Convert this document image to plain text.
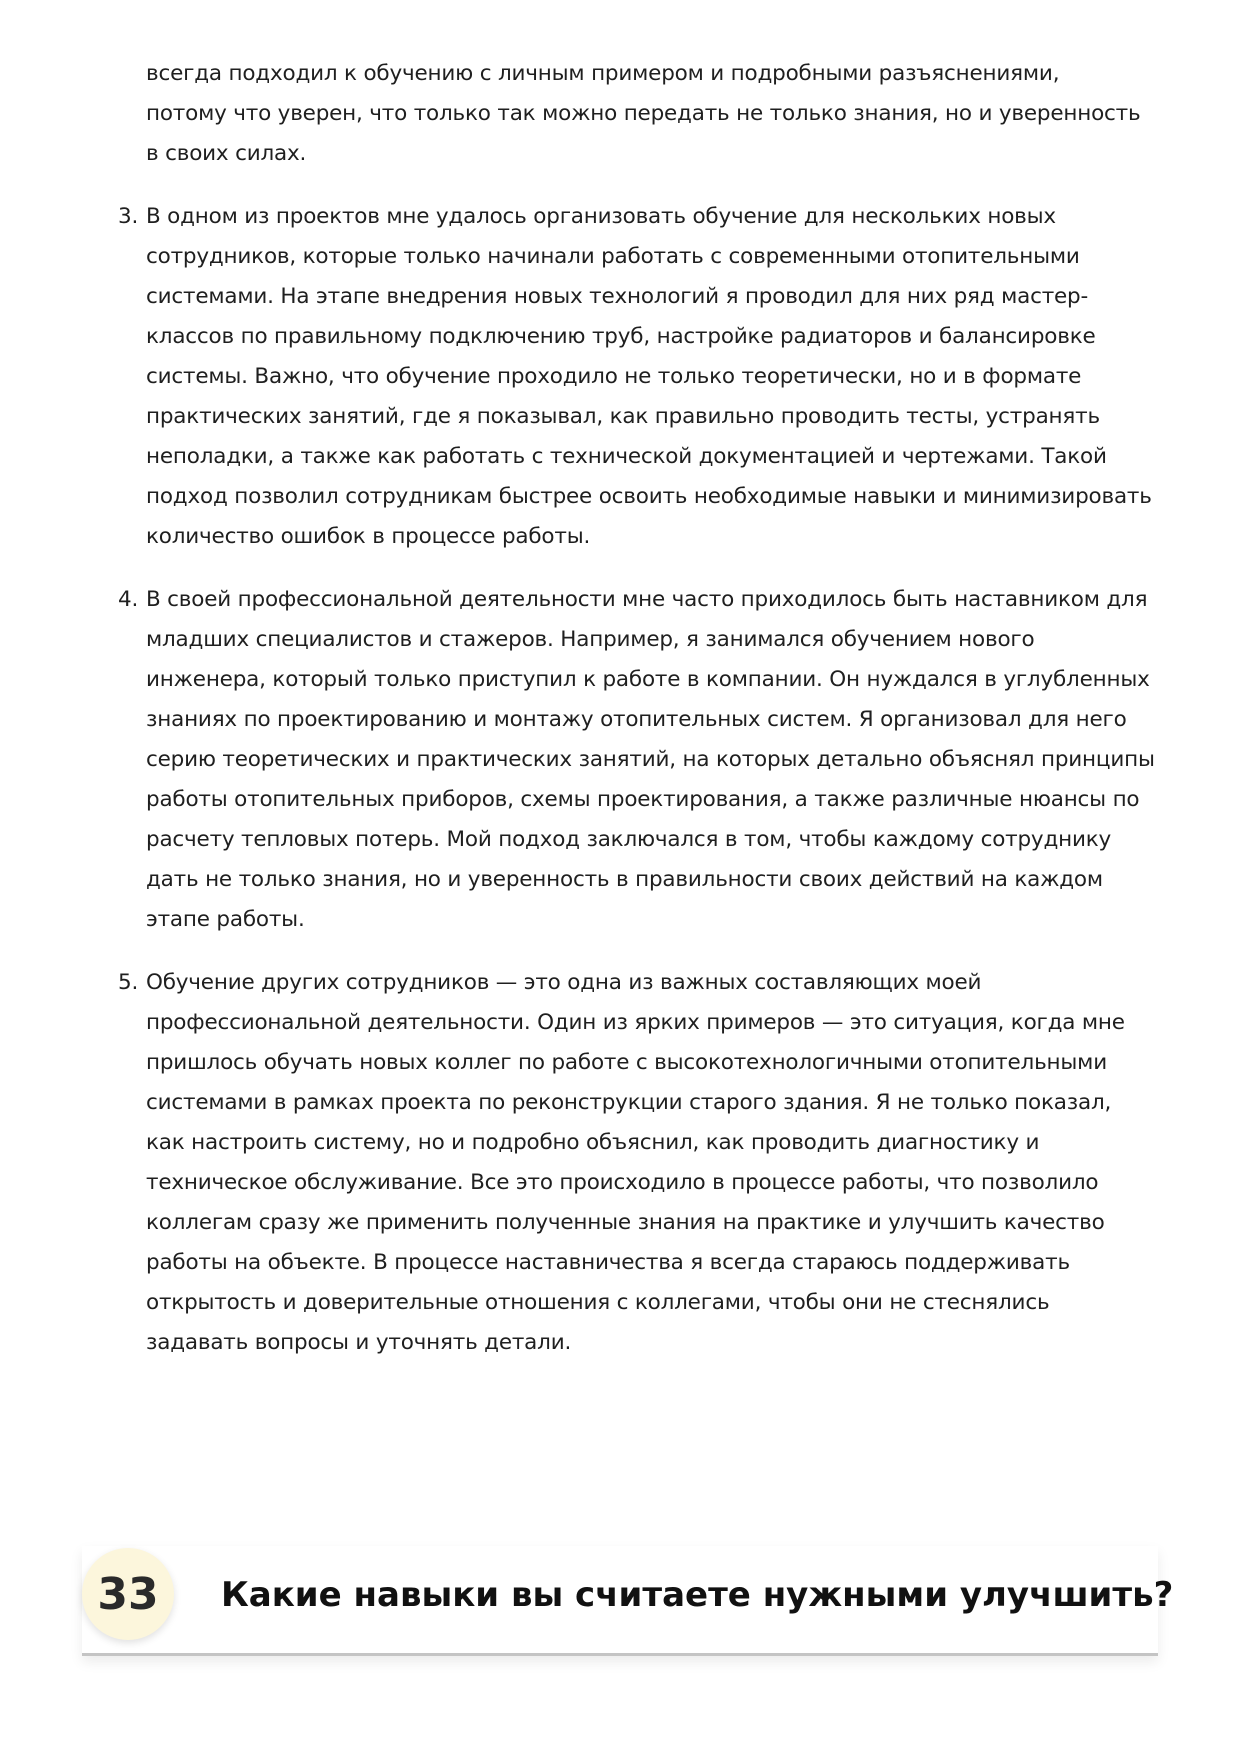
всегда подходил к обучению с личным примером и подробными разъяснениями, потому что уверен, что только так можно передать не только знания, но и уверенность в своих силах.

3. В одном из проектов мне удалось организовать обучение для нескольких новых сотрудников, которые только начинали работать с современными отопительными системами. На этапе внедрения новых технологий я проводил для них ряд мастер-классов по правильному подключению труб, настройке радиаторов и балансировке системы. Важно, что обучение проходило не только теоретически, но и в формате практических занятий, где я показывал, как правильно проводить тесты, устранять неполадки, а также как работать с технической документацией и чертежами. Такой подход позволил сотрудникам быстрее освоить необходимые навыки и минимизировать количество ошибок в процессе работы.
4. В своей профессиональной деятельности мне часто приходилось быть наставником для младших специалистов и стажеров. Например, я занимался обучением нового инженера, который только приступил к работе в компании. Он нуждался в углубленных знаниях по проектированию и монтажу отопительных систем. Я организовал для него серию теоретических и практических занятий, на которых детально объяснял принципы работы отопительных приборов, схемы проектирования, а также различные нюансы по расчету тепловых потерь. Мой подход заключался в том, чтобы каждому сотруднику дать не только знания, но и уверенность в правильности своих действий на каждом этапе работы.
5. Обучение других сотрудников — это одна из важных составляющих моей профессиональной деятельности. Один из ярких примеров — это ситуация, когда мне пришлось обучать новых коллег по работе с высокотехнологичными отопительными системами в рамках проекта по реконструкции старого здания. Я не только показал, как настроить систему, но и подробно объяснил, как проводить диагностику и техническое обслуживание. Все это происходило в процессе работы, что позволило коллегам сразу же применить полученные знания на практике и улучшить качество работы на объекте. В процессе наставничества я всегда стараюсь поддерживать открытость и доверительные отношения с коллегами, чтобы они не стеснялись задавать вопросы и уточнять детали.
33	Какие навыки вы считаете нужными улучшить?
